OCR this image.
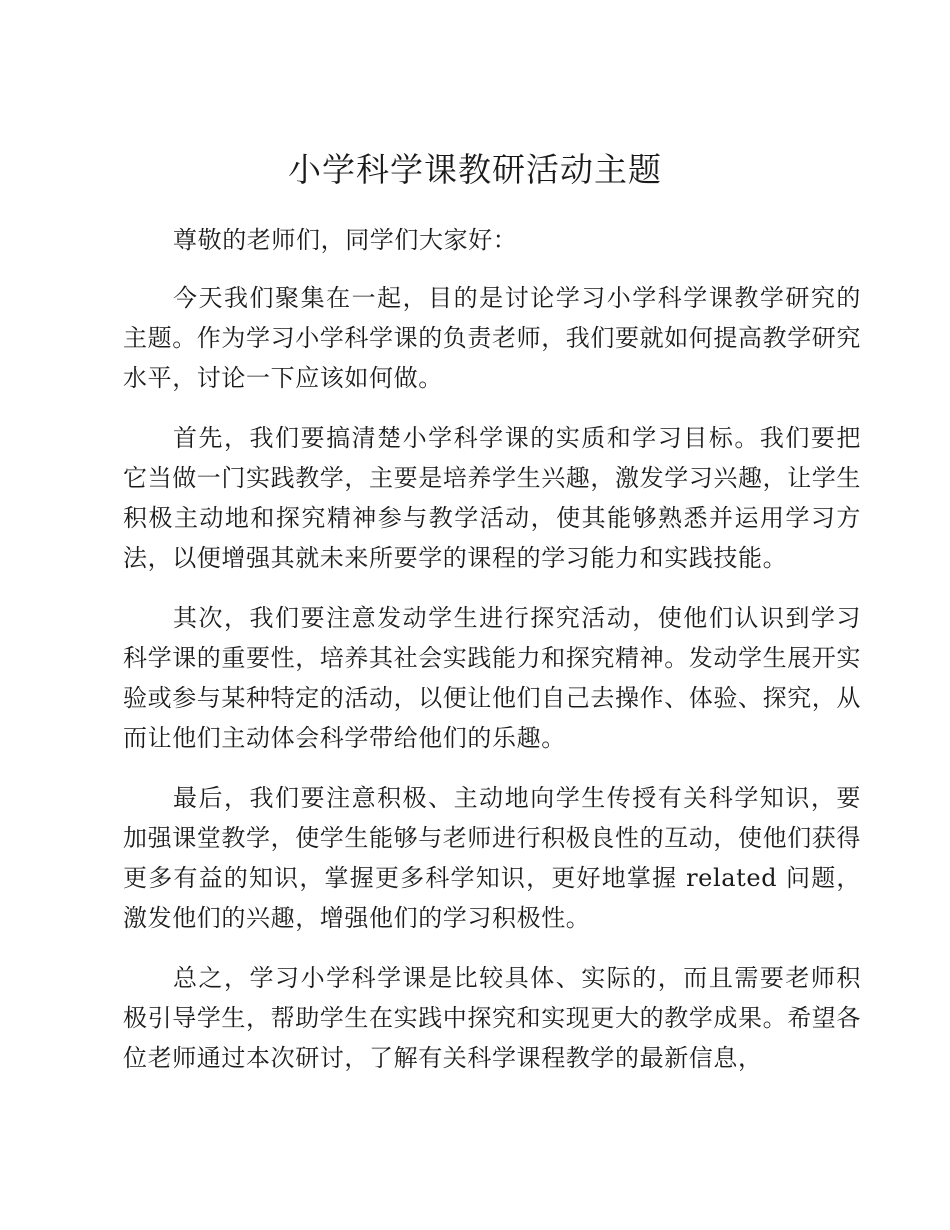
小学科学课教研活动主题

尊敬的老师们，同学们大家好：

今天我们聚集在一起，目的是讨论学习小学科学课教学研究的主题。作为学习小学科学课的负责老师，我们要就如何提高教学研究水平，讨论一下应该如何做。

首先，我们要搞清楚小学科学课的实质和学习目标。我们要把它当做一门实践教学，主要是培养学生兴趣，激发学习兴趣，让学生积极主动地和探究精神参与教学活动，使其能够熟悉并运用学习方法，以便增强其就未来所要学的课程的学习能力和实践技能。

其次，我们要注意发动学生进行探究活动，使他们认识到学习科学课的重要性，培养其社会实践能力和探究精神。发动学生展开实验或参与某种特定的活动，以便让他们自己去操作、体验、探究，从而让他们主动体会科学带给他们的乐趣。

最后，我们要注意积极、主动地向学生传授有关科学知识，要加强课堂教学，使学生能够与老师进行积极良性的互动，使他们获得更多有益的知识，掌握更多科学知识，更好地掌握 related 问题，激发他们的兴趣，增强他们的学习积极性。

总之，学习小学科学课是比较具体、实际的，而且需要老师积极引导学生，帮助学生在实践中探究和实现更大的教学成果。希望各位老师通过本次研讨，了解有关科学课程教学的最新信息，
